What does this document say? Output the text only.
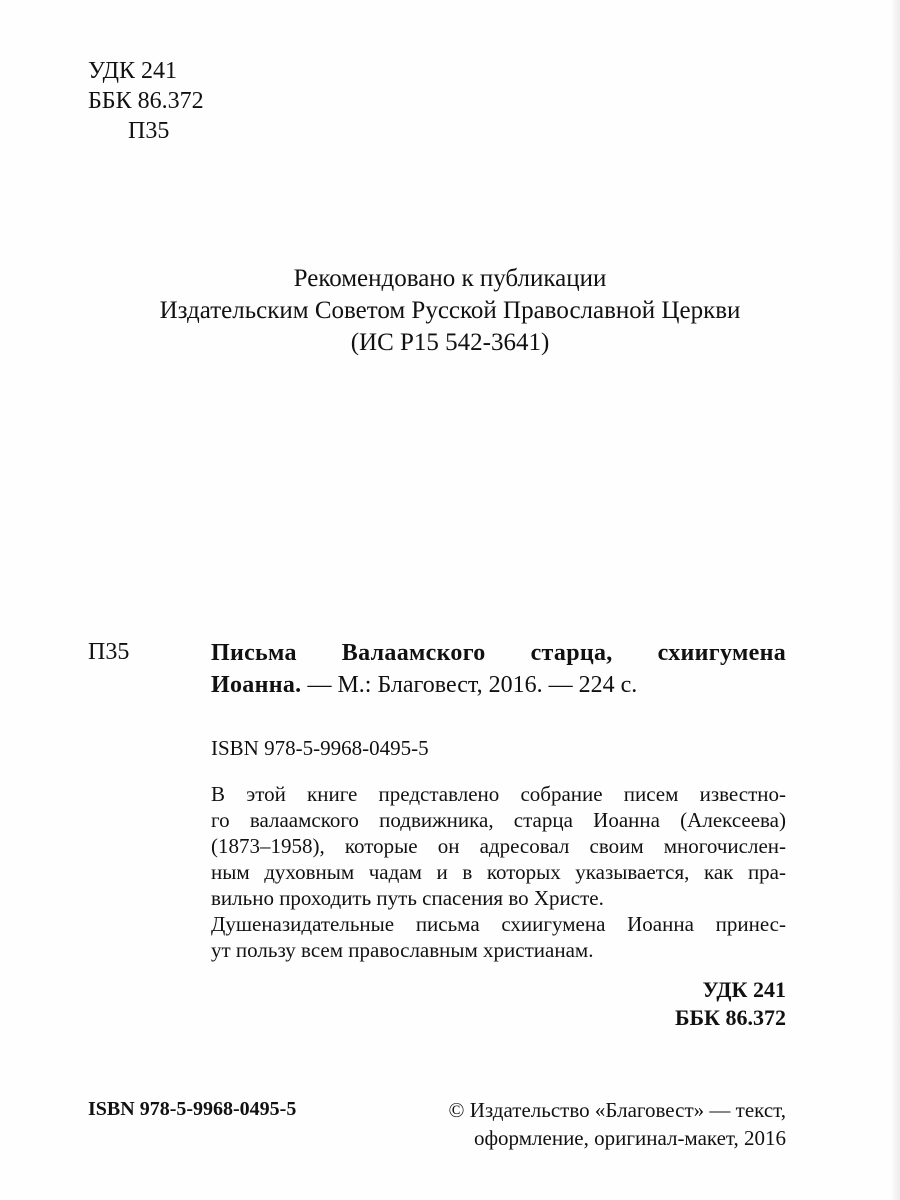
УДК 241
ББК 86.372
П35
Рекомендовано к публикации
Издательским Советом Русской Православной Церкви
(ИС Р15 542-3641)
П35	Письма Валаамского старца, схиигумена
Иоанна. — М.: Благовест, 2016. — 224 с.
ISBN 978-5-9968-0495-5
В этой книге представлено собрание писем известно-
го валаамского подвижника, старца Иоанна (Алексеева)
(1873–1958), которые он адресовал своим многочислен-
ным духовным чадам и в которых указывается, как пра-
вильно проходить путь спасения во Христе.
Душеназидательные письма схиигумена Иоанна принес-
ут пользу всем православным христианам.
УДК 241
ББК 86.372
ISBN 978-5-9968-0495-5	© Издательство «Благовест» — текст,
оформление, оригинал-макет, 2016
